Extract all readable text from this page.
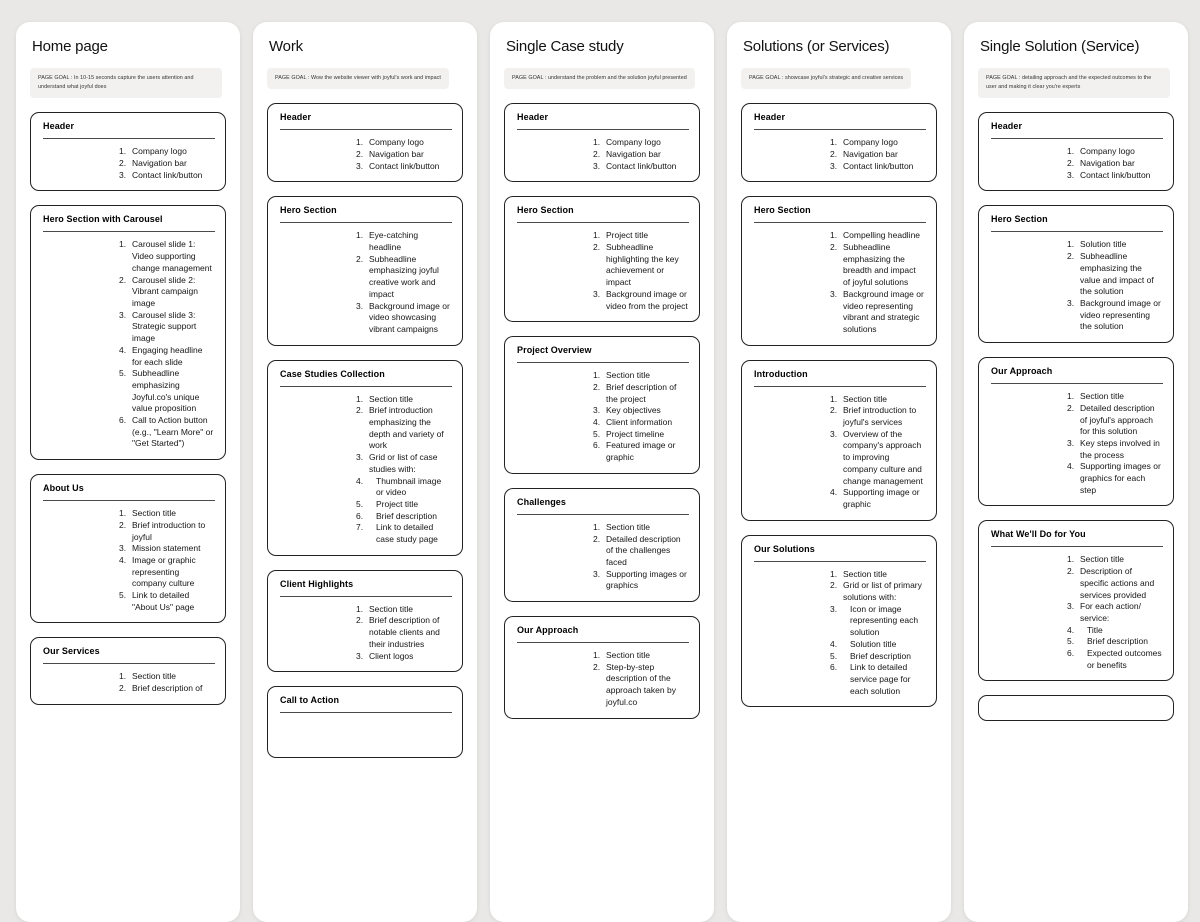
Home page
PAGE GOAL : In 10-15 seconds capture the users attention and understand what joyful does
Header
1. Company logo
2. Navigation bar
3. Contact link/button
Hero Section with Carousel
1. Carousel slide 1: Video supporting change management
2. Carousel slide 2: Vibrant campaign image
3. Carousel slide 3: Strategic support image
4. Engaging headline for each slide
5. Subheadline emphasizing Joyful.co's unique value proposition
6. Call to Action button (e.g., "Learn More" or "Get Started")
About Us
1. Section title
2. Brief introduction to joyful
3. Mission statement
4. Image or graphic representing company culture
5. Link to detailed "About Us" page
Our Services
1. Section title
2. Brief description of
Work
PAGE GOAL : Wow the website viewer with joyful's work and impact
Header
1. Company logo
2. Navigation bar
3. Contact link/button
Hero Section
1. Eye-catching headline
2. Subheadline emphasizing joyful creative work and impact
3. Background image or video showcasing vibrant campaigns
Case Studies Collection
1. Section title
2. Brief introduction emphasizing the depth and variety of work
3. Grid or list of case studies with:
4.	Thumbnail image or video
5.	Project title
6.	Brief description
7.	Link to detailed case study page
Client Highlights
1. Section title
2. Brief description of notable clients and their industries
3. Client logos
Call to Action
Single Case study
PAGE GOAL : understand the problem and the solution joyful presented
Header
1. Company logo
2. Navigation bar
3. Contact link/button
Hero Section
1. Project title
2. Subheadline highlighting the key achievement or impact
3. Background image or video from the project
Project Overview
1. Section title
2. Brief description of the project
3. Key objectives
4. Client information
5. Project timeline
6. Featured image or graphic
Challenges
1. Section title
2. Detailed description of the challenges faced
3. Supporting images or graphics
Our Approach
1. Section title
2. Step-by-step description of the approach taken by joyful.co
Solutions (or Services)
PAGE GOAL : showcase joyful's strategic and creative services
Header
1. Company logo
2. Navigation bar
3. Contact link/button
Hero Section
1. Compelling headline
2. Subheadline emphasizing the breadth and impact of joyful solutions
3. Background image or video representing vibrant and strategic solutions
Introduction
1. Section title
2. Brief introduction to joyful's services
3. Overview of the company's approach to improving company culture and change management
4. Supporting image or graphic
Our Solutions
1. Section title
2. Grid or list of primary solutions with:
3.	Icon or image representing each solution
4.	Solution title
5.	Brief description
6.	Link to detailed service page for each solution
Single Solution (Service)
PAGE GOAL : detailing approach and the expected outcomes to the user and making it clear you're experts
Header
1. Company logo
2. Navigation bar
3. Contact link/button
Hero Section
1. Solution title
2. Subheadline emphasizing the value and impact of the solution
3. Background image or video representing the solution
Our Approach
1. Section title
2. Detailed description of joyful's approach for this solution
3. Key steps involved in the process
4. Supporting images or graphics for each step
What We'll Do for You
1. Section title
2. Description of specific actions and services provided
3. For each action/ service:
4.	Title
5.	Brief description
6.	Expected outcomes or benefits
